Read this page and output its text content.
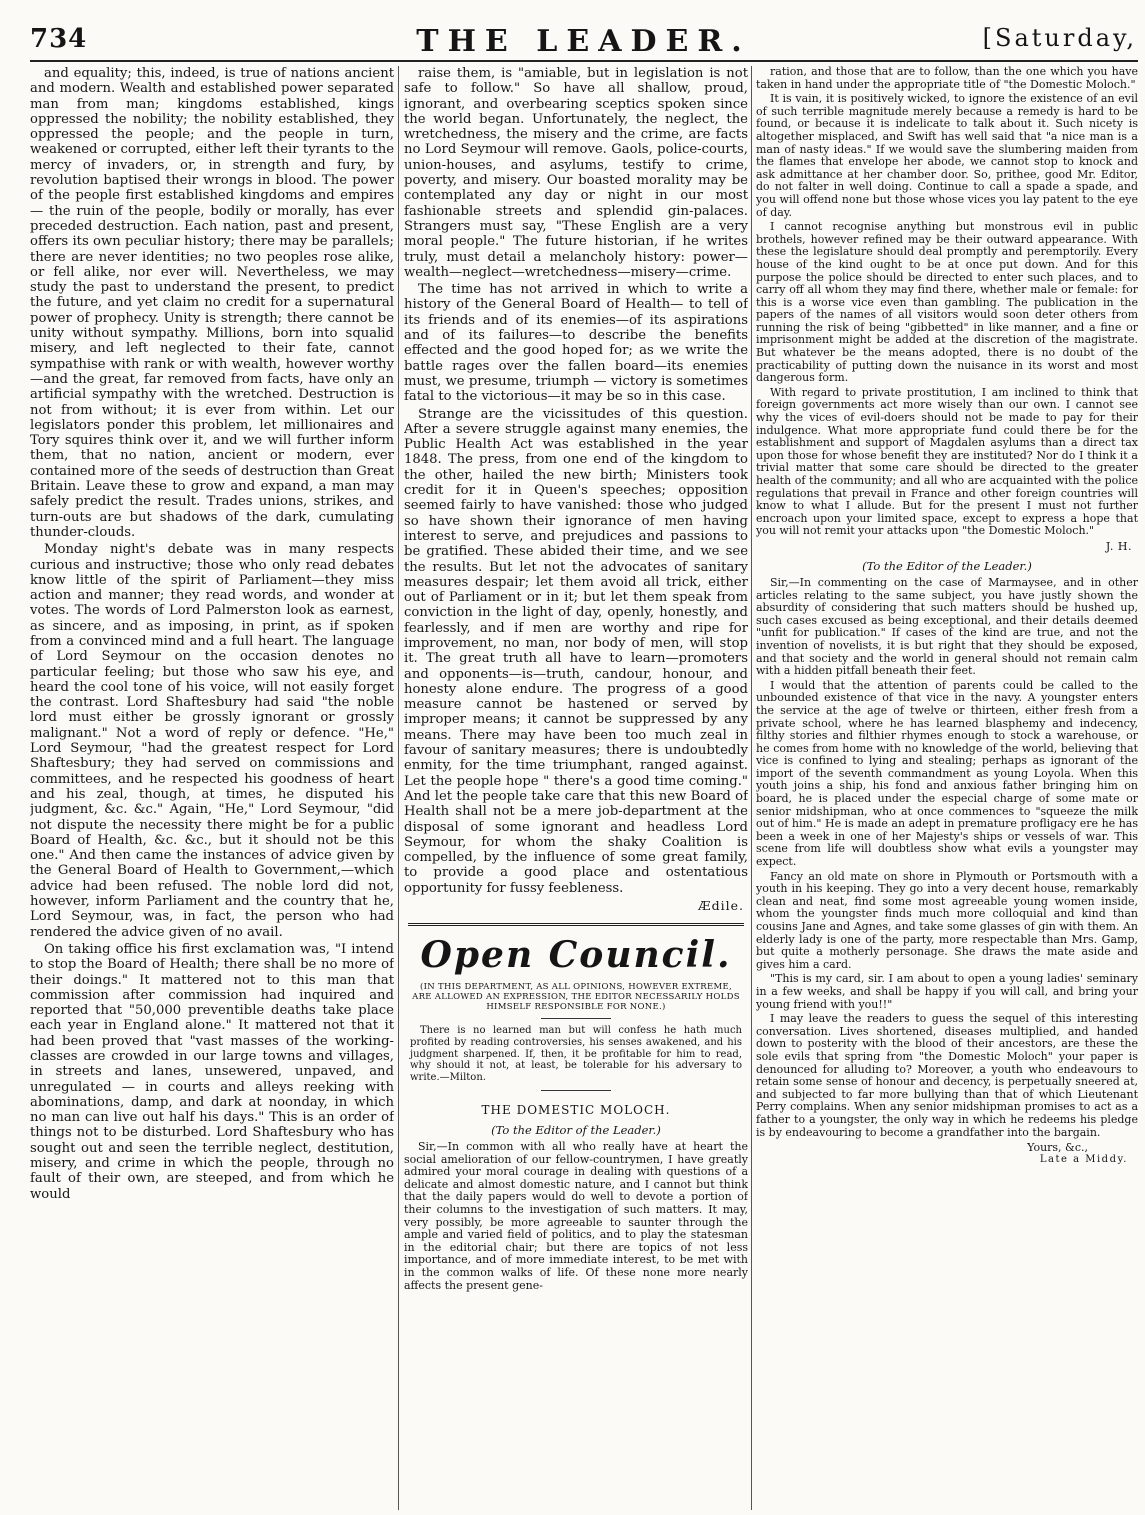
734	THE LEADER.	[Saturday,

and equality; this, indeed, is true of nations ancient and modern. Wealth and established power separated man from man; kingdoms established, kings oppressed the nobility; the nobility established, they oppressed the people; and the people in turn, weakened or corrupted, either left their tyrants to the mercy of invaders, or, in strength and fury, by revolution baptised their wrongs in blood. The power of the people first established kingdoms and empires — the ruin of the people, bodily or morally, has ever preceded destruction. Each nation, past and present, offers its own peculiar history; there may be parallels; there are never identities; no two peoples rose alike, or fell alike, nor ever will. Nevertheless, we may study the past to understand the present, to predict the future, and yet claim no credit for a supernatural power of prophecy. Unity is strength; there cannot be unity without sympathy. Millions, born into squalid misery, and left neglected to their fate, cannot sympathise with rank or with wealth, however worthy—and the great, far removed from facts, have only an artificial sympathy with the wretched. Destruction is not from without; it is ever from within. Let our legislators ponder this problem, let millionaires and Tory squires think over it, and we will further inform them, that no nation, ancient or modern, ever contained more of the seeds of destruction than Great Britain. Leave these to grow and expand, a man may safely predict the result. Trades unions, strikes, and turn-outs are but shadows of the dark, cumulating thunder-clouds.

Monday night's debate was in many respects curious and instructive; those who only read debates know little of the spirit of Parliament—they miss action and manner; they read words, and wonder at votes. The words of Lord Palmerston look as earnest, as sincere, and as imposing, in print, as if spoken from a convinced mind and a full heart. The language of Lord Seymour on the occasion denotes no particular feeling; but those who saw his eye, and heard the cool tone of his voice, will not easily forget the contrast. Lord Shaftesbury had said "the noble lord must either be grossly ignorant or grossly malignant." Not a word of reply or defence. "He," Lord Seymour, "had the greatest respect for Lord Shaftesbury; they had served on commissions and committees, and he respected his goodness of heart and his zeal, though, at times, he disputed his judgment, &c. &c." Again, "He," Lord Seymour, "did not dispute the necessity there might be for a public Board of Health, &c. &c., but it should not be this one." And then came the instances of advice given by the General Board of Health to Government,—which advice had been refused. The noble lord did not, however, inform Parliament and the country that he, Lord Seymour, was, in fact, the person who had rendered the advice given of no avail.

On taking office his first exclamation was, "I intend to stop the Board of Health; there shall be no more of their doings." It mattered not to this man that commission after commission had inquired and reported that "50,000 preventible deaths take place each year in England alone." It mattered not that it had been proved that "vast masses of the working-classes are crowded in our large towns and villages, in streets and lanes, unsewered, unpaved, and unregulated — in courts and alleys reeking with abominations, damp, and dark at noonday, in which no man can live out half his days." This is an order of things not to be disturbed. Lord Shaftesbury who has sought out and seen the terrible neglect, destitution, misery, and crime in which the people, through no fault of their own, are steeped, and from which he would

raise them, is "amiable, but in legislation is not safe to follow." So have all shallow, proud, ignorant, and overbearing sceptics spoken since the world began. Unfortunately, the neglect, the wretchedness, the misery and the crime, are facts no Lord Seymour will remove. Gaols, police-courts, union-houses, and asylums, testify to crime, poverty, and misery. Our boasted morality may be contemplated any day or night in our most fashionable streets and splendid gin-palaces. Strangers must say, "These English are a very moral people." The future historian, if he writes truly, must detail a melancholy history: power—wealth—neglect—wretchedness—misery—crime.

The time has not arrived in which to write a history of the General Board of Health— to tell of its friends and of its enemies—of its aspirations and of its failures—to describe the benefits effected and the good hoped for; as we write the battle rages over the fallen board—its enemies must, we presume, triumph — victory is sometimes fatal to the victorious—it may be so in this case.

Strange are the vicissitudes of this question. After a severe struggle against many enemies, the Public Health Act was established in the year 1848. The press, from one end of the kingdom to the other, hailed the new birth; Ministers took credit for it in Queen's speeches; opposition seemed fairly to have vanished: those who judged so have shown their ignorance of men having interest to serve, and prejudices and passions to be gratified. These abided their time, and we see the results. But let not the advocates of sanitary measures despair; let them avoid all trick, either out of Parliament or in it; but let them speak from conviction in the light of day, openly, honestly, and fearlessly, and if men are worthy and ripe for improvement, no man, nor body of men, will stop it. The great truth all have to learn—promoters and opponents—is—truth, candour, honour, and honesty alone endure. The progress of a good measure cannot be hastened or served by improper means; it cannot be suppressed by any means. There may have been too much zeal in favour of sanitary measures; there is undoubtedly enmity, for the time triumphant, ranged against. Let the people hope " there's a good time coming." And let the people take care that this new Board of Health shall not be a mere job-department at the disposal of some ignorant and headless Lord Seymour, for whom the shaky Coalition is compelled, by the influence of some great family, to provide a good place and ostentatious opportunity for fussy feebleness.

Ædile.
Open Council.
(IN THIS DEPARTMENT, AS ALL OPINIONS, HOWEVER EXTREME, ARE ALLOWED AN EXPRESSION, THE EDITOR NECESSARILY HOLDS HIMSELF RESPONSIBLE FOR NONE.)
There is no learned man but will confess he hath much profited by reading controversies, his senses awakened, and his judgment sharpened. If, then, it be profitable for him to read, why should it not, at least, be tolerable for his adversary to write.—Milton.
THE DOMESTIC MOLOCH.
(To the Editor of the Leader.)

Sir,—In common with all who really have at heart the social amelioration of our fellow-countrymen, I have greatly admired your moral courage in dealing with questions of a delicate and almost domestic nature, and I cannot but think that the daily papers would do well to devote a portion of their columns to the investigation of such matters. It may, very possibly, be more agreeable to saunter through the ample and varied field of politics, and to play the statesman in the editorial chair; but there are topics of not less importance, and of more immediate interest, to be met with in the common walks of life. Of these none more nearly affects the present gene-

ration, and those that are to follow, than the one which you have taken in hand under the appropriate title of "the Domestic Moloch."

It is vain, it is positively wicked, to ignore the existence of an evil of such terrible magnitude merely because a remedy is hard to be found, or because it is indelicate to talk about it. Such nicety is altogether misplaced, and Swift has well said that "a nice man is a man of nasty ideas." If we would save the slumbering maiden from the flames that envelope her abode, we cannot stop to knock and ask admittance at her chamber door. So, prithee, good Mr. Editor, do not falter in well doing. Continue to call a spade a spade, and you will offend none but those whose vices you lay patent to the eye of day.

I cannot recognise anything but monstrous evil in public brothels, however refined may be their outward appearance. With these the legislature should deal promptly and peremptorily. Every house of the kind ought to be at once put down. And for this purpose the police should be directed to enter such places, and to carry off all whom they may find there, whether male or female: for this is a worse vice even than gambling. The publication in the papers of the names of all visitors would soon deter others from running the risk of being "gibbetted" in like manner, and a fine or imprisonment might be added at the discretion of the magistrate. But whatever be the means adopted, there is no doubt of the practicability of putting down the nuisance in its worst and most dangerous form.

With regard to private prostitution, I am inclined to think that foreign governments act more wisely than our own. I cannot see why the vices of evil-doers should not be made to pay for their indulgence. What more appropriate fund could there be for the establishment and support of Magdalen asylums than a direct tax upon those for whose benefit they are instituted? Nor do I think it a trivial matter that some care should be directed to the greater health of the community; and all who are acquainted with the police regulations that prevail in France and other foreign countries will know to what I allude. But for the present I must not further encroach upon your limited space, except to express a hope that you will not remit your attacks upon "the Domestic Moloch."

J. H.
(To the Editor of the Leader.)

Sir,—In commenting on the case of Marmaysee, and in other articles relating to the same subject, you have justly shown the absurdity of considering that such matters should be hushed up, such cases excused as being exceptional, and their details deemed "unfit for publication." If cases of the kind are true, and not the invention of novelists, it is but right that they should be exposed, and that society and the world in general should not remain calm with a hidden pitfall beneath their feet.

I would that the attention of parents could be called to the unbounded existence of that vice in the navy. A youngster enters the service at the age of twelve or thirteen, either fresh from a private school, where he has learned blasphemy and indecency, filthy stories and filthier rhymes enough to stock a warehouse, or he comes from home with no knowledge of the world, believing that vice is confined to lying and stealing; perhaps as ignorant of the import of the seventh commandment as young Loyola. When this youth joins a ship, his fond and anxious father bringing him on board, he is placed under the especial charge of some mate or senior midshipman, who at once commences to "squeeze the milk out of him." He is made an adept in premature profligacy ere he has been a week in one of her Majesty's ships or vessels of war. This scene from life will doubtless show what evils a youngster may expect.

Fancy an old mate on shore in Plymouth or Portsmouth with a youth in his keeping. They go into a very decent house, remarkably clean and neat, find some most agreeable young women inside, whom the youngster finds much more colloquial and kind than cousins Jane and Agnes, and take some glasses of gin with them. An elderly lady is one of the party, more respectable than Mrs. Gamp, but quite a motherly personage. She draws the mate aside and gives him a card.

"This is my card, sir. I am about to open a young ladies' seminary in a few weeks, and shall be happy if you will call, and bring your young friend with you!!"

I may leave the readers to guess the sequel of this interesting conversation. Lives shortened, diseases multiplied, and handed down to posterity with the blood of their ancestors, are these the sole evils that spring from "the Domestic Moloch" your paper is denounced for alluding to? Moreover, a youth who endeavours to retain some sense of honour and decency, is perpetually sneered at, and subjected to far more bullying than that of which Lieutenant Perry complains. When any senior midshipman promises to act as a father to a youngster, the only way in which he redeems his pledge is by endeavouring to become a grandfather into the bargain.

Yours, &c.,
Late a Middy.
